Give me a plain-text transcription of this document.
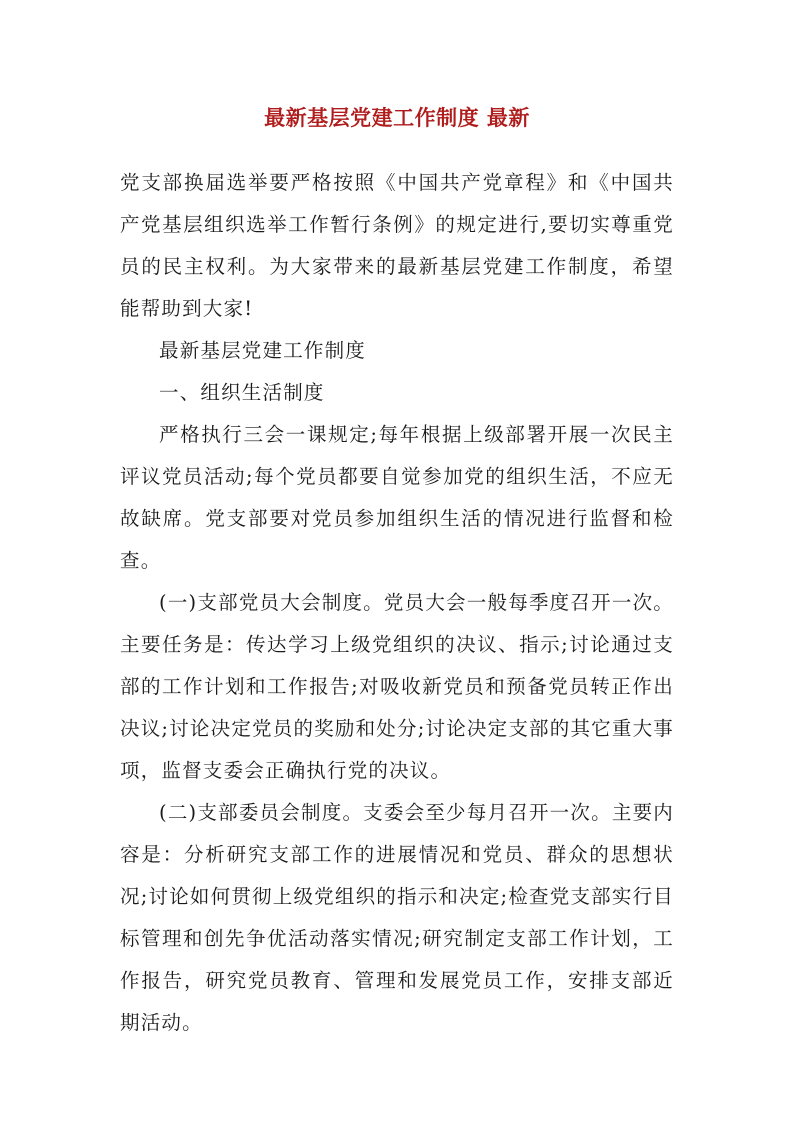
最新基层党建工作制度 最新

党支部换届选举要严格按照《中国共产党章程》和《中国共产党基层组织选举工作暂行条例》的规定进行,要切实尊重党员的民主权利。为大家带来的最新基层党建工作制度，希望能帮助到大家!

最新基层党建工作制度

一、组织生活制度

严格执行三会一课规定;每年根据上级部署开展一次民主评议党员活动;每个党员都要自觉参加党的组织生活，不应无故缺席。党支部要对党员参加组织生活的情况进行监督和检查。

(一)支部党员大会制度。党员大会一般每季度召开一次。主要任务是：传达学习上级党组织的决议、指示;讨论通过支部的工作计划和工作报告;对吸收新党员和预备党员转正作出决议;讨论决定党员的奖励和处分;讨论决定支部的其它重大事项，监督支委会正确执行党的决议。

(二)支部委员会制度。支委会至少每月召开一次。主要内容是：分析研究支部工作的进展情况和党员、群众的思想状况;讨论如何贯彻上级党组织的指示和决定;检查党支部实行目标管理和创先争优活动落实情况;研究制定支部工作计划，工作报告，研究党员教育、管理和发展党员工作，安排支部近期活动。
